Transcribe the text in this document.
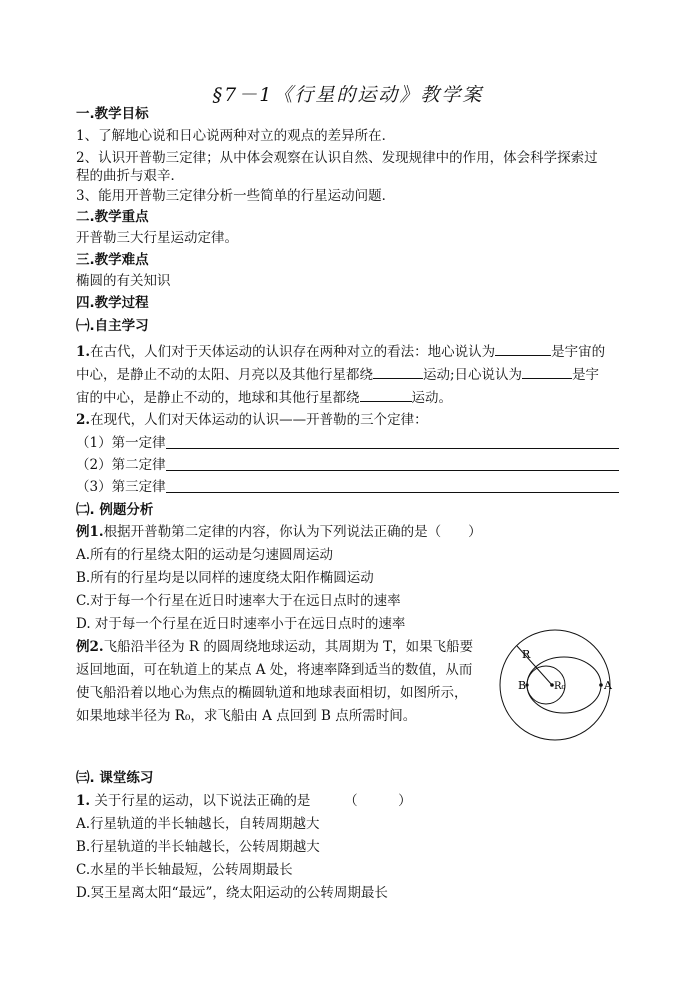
§7－1《行星的运动》教学案
一.教学目标
1、了解地心说和日心说两种对立的观点的差异所在．
2、认识开普勒三定律；从中体会观察在认识自然、发现规律中的作用，体会科学探索过
程的曲折与艰辛．
3、能用开普勒三定律分析一些简单的行星运动问题．
二.教学重点
开普勒三大行星运动定律。
三.教学难点
椭圆的有关知识
四.教学过程
㈠.自主学习
1.在古代，人们对于天体运动的认识存在两种对立的看法：地心说认为	是宇宙的
中心，是静止不动的太阳、月亮以及其他行星都绕	运动;日心说认为	是宇
宙的中心，是静止不动的，地球和其他行星都绕	运动。
2.在现代，人们对天体运动的认识——开普勒的三个定律：
（1）第一定律
（2）第二定律
（3）第三定律
㈡. 例题分析
例1.根据开普勒第二定律的内容，你认为下列说法正确的是（　　）
A.所有的行星绕太阳的运动是匀速圆周运动
B.所有的行星均是以同样的速度绕太阳作椭圆运动
C.对于每一个行星在近日时速率大于在远日点时的速率
D. 对于每一个行星在近日时速率小于在远日点时的速率
例2.飞船沿半径为 R 的圆周绕地球运动，其周期为 T，如果飞船要
返回地面，可在轨道上的某点 A 处，将速率降到适当的数值，从而
使飞船沿着以地心为焦点的椭圆轨道和地球表面相切，如图所示，
如果地球半径为 R₀，求飞船由 A 点回到 B 点所需时间。
R
B	R₀	A
㈢. 课堂练习
1. 关于行星的运动，以下说法正确的是　　　（　　　）
A.行星轨道的半长轴越长，自转周期越大
B.行星轨道的半长轴越长，公转周期越大
C.水星的半长轴最短，公转周期最长
D.冥王星离太阳“最远”，绕太阳运动的公转周期最长
